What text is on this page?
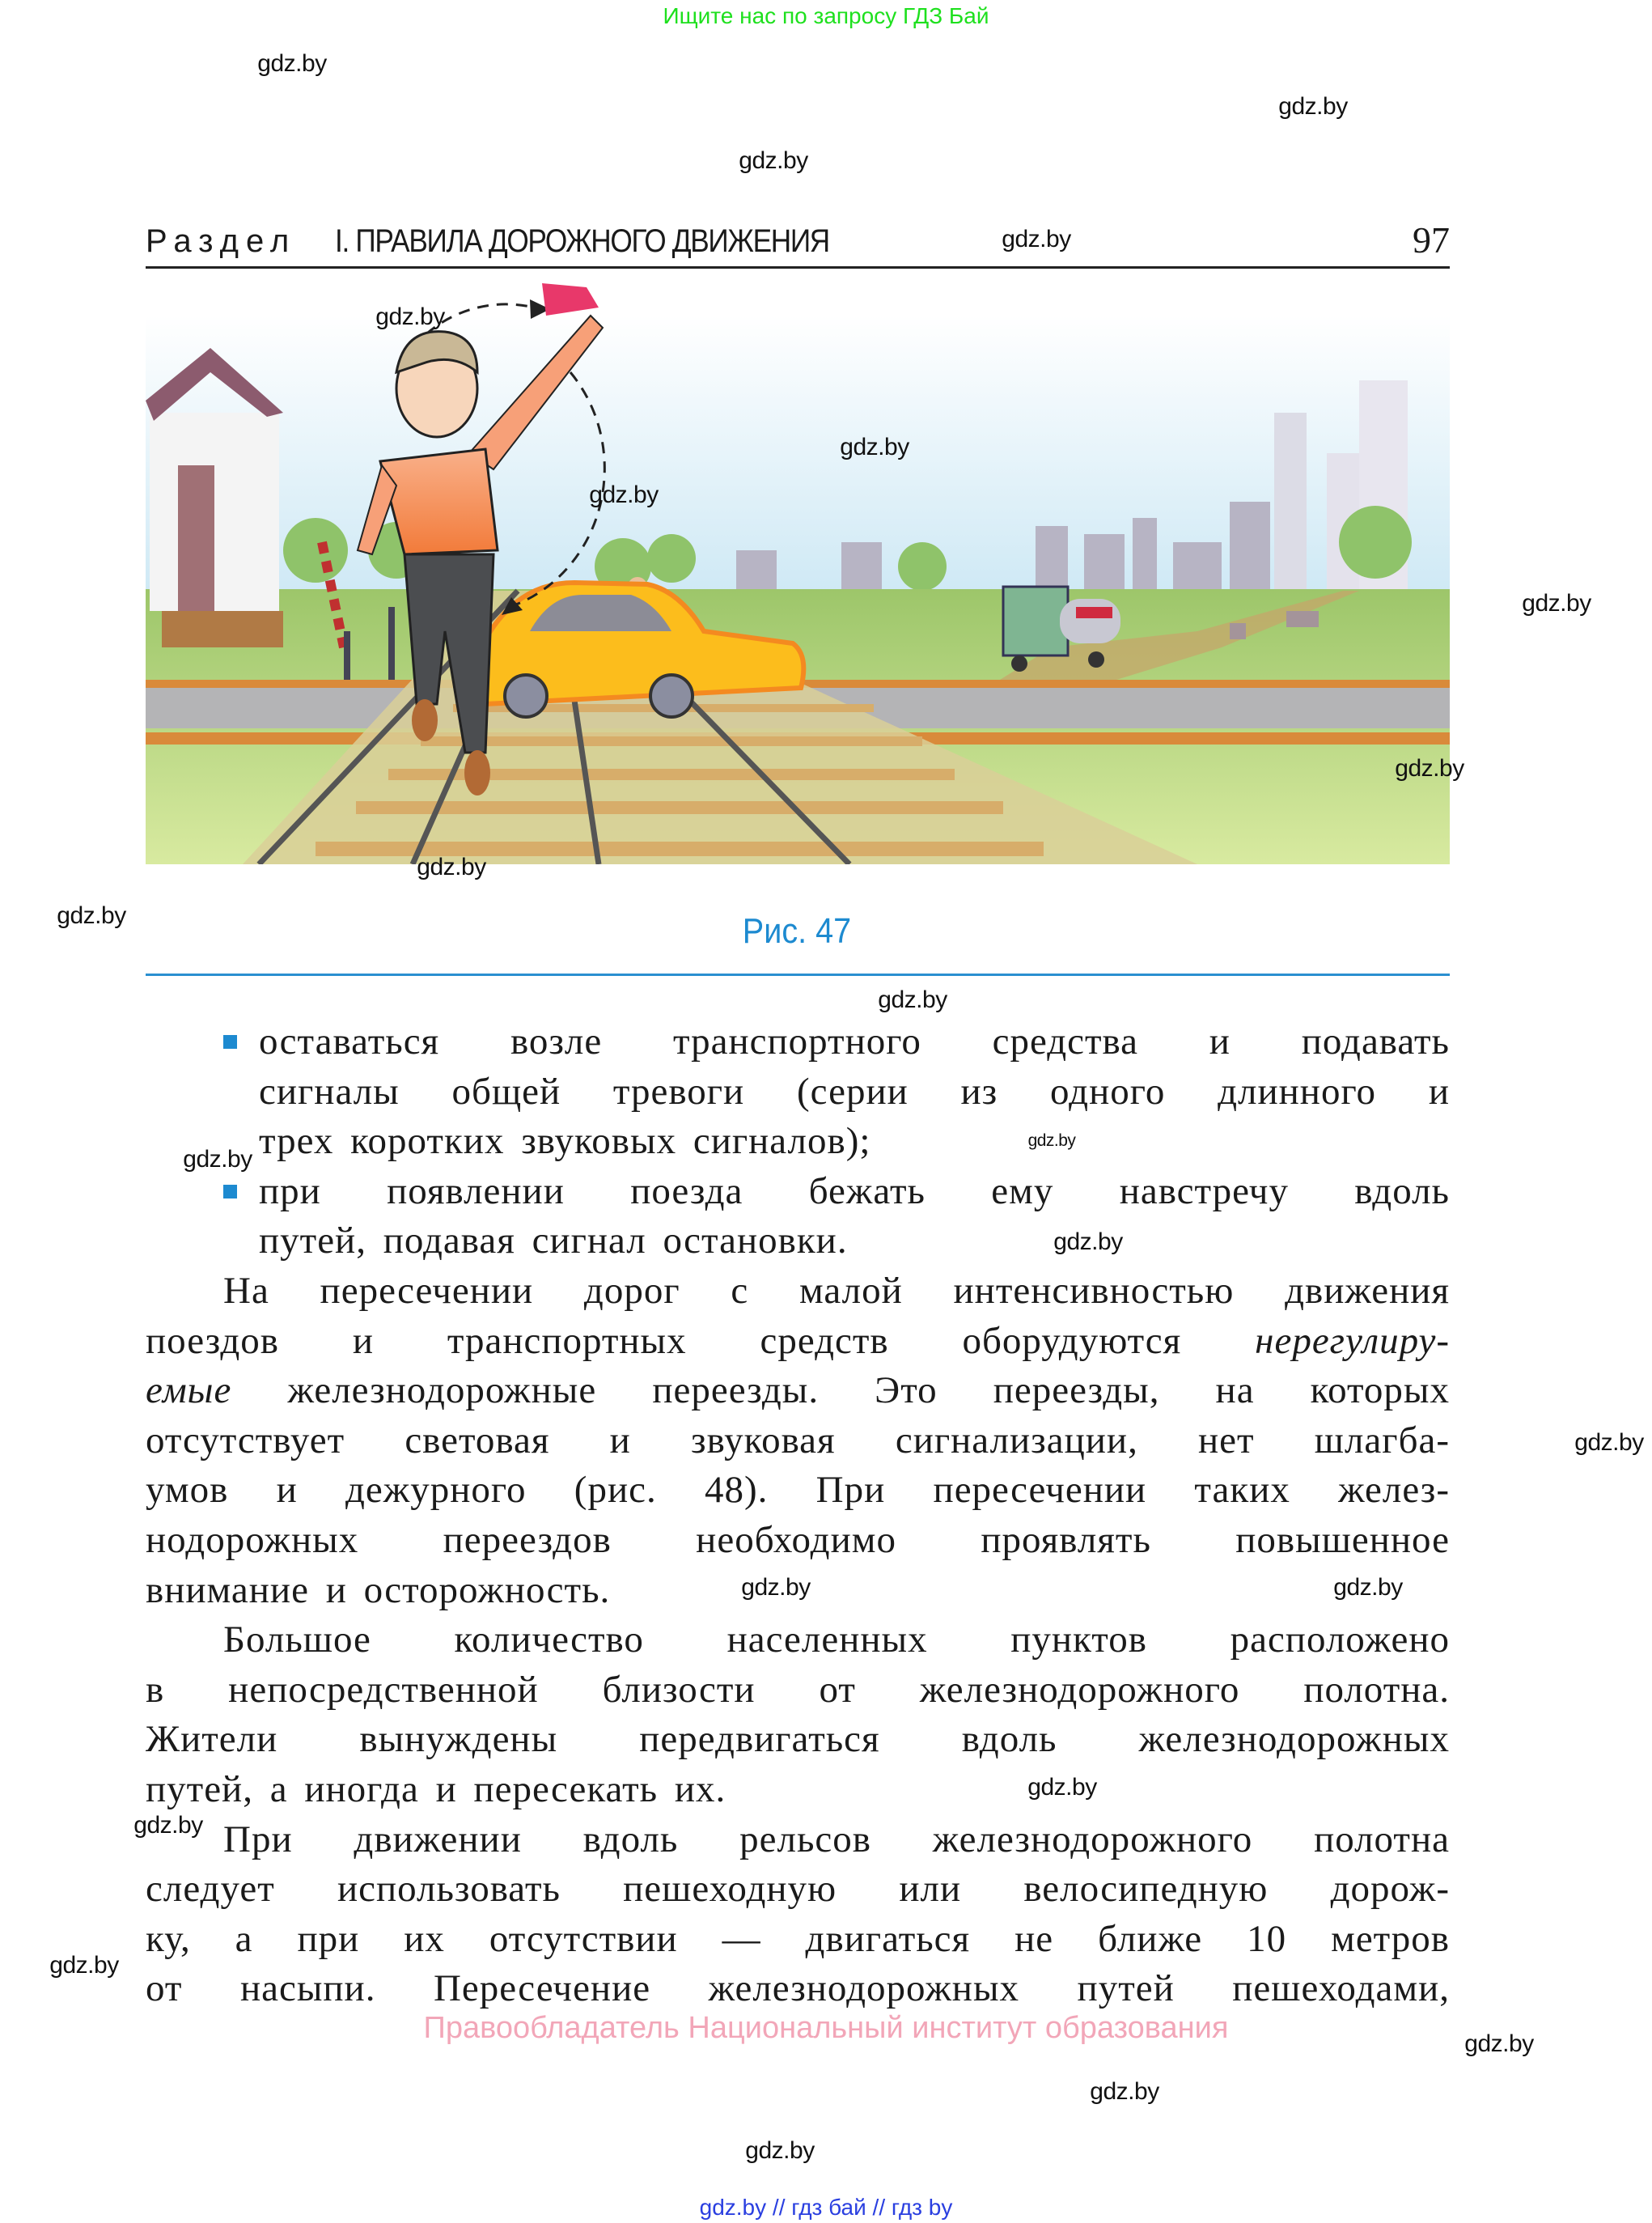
Ищите нас по запросу ГДЗ Бай
Раздел I. ПРАВИЛА ДОРОЖНОГО ДВИЖЕНИЯ	97
Рис. 47
оставаться возле транспортного средства и подавать
сигналы общей тревоги (серии из одного длинного и
трех коротких звуковых сигналов);
при появлении поезда бежать ему навстречу вдоль
путей, подавая сигнал остановки.
На пересечении дорог с малой интенсивностью движения
поездов и транспортных средств оборудуются нерегулиру-
емые железнодорожные переезды. Это переезды, на которых
отсутствует световая и звуковая сигнализации, нет шлагба-
умов и дежурного (рис. 48). При пересечении таких желез-
нодорожных переездов необходимо проявлять повышенное
внимание и осторожность.
Большое количество населенных пунктов расположено
в непосредственной близости от железнодорожного полотна.
Жители вынуждены передвигаться вдоль железнодорожных
путей, а иногда и пересекать их.
При движении вдоль рельсов железнодорожного полотна
следует использовать пешеходную или велосипедную дорож-
ку, а при их отсутствии — двигаться не ближе 10 метров
от насыпи. Пересечение железнодорожных путей пешеходами,
Правообладатель Национальный институт образования
gdz.by // гдз бай // гдз by
gdz.by
gdz.by
gdz.by
gdz.by
gdz.by
gdz.by
gdz.by
gdz.by
gdz.by
gdz.by
gdz.by
gdz.by
gdz.by
gdz.by
gdz.by
gdz.by
gdz.by
gdz.by
gdz.by
gdz.by
gdz.by
gdz.by
gdz.by
gdz.by
